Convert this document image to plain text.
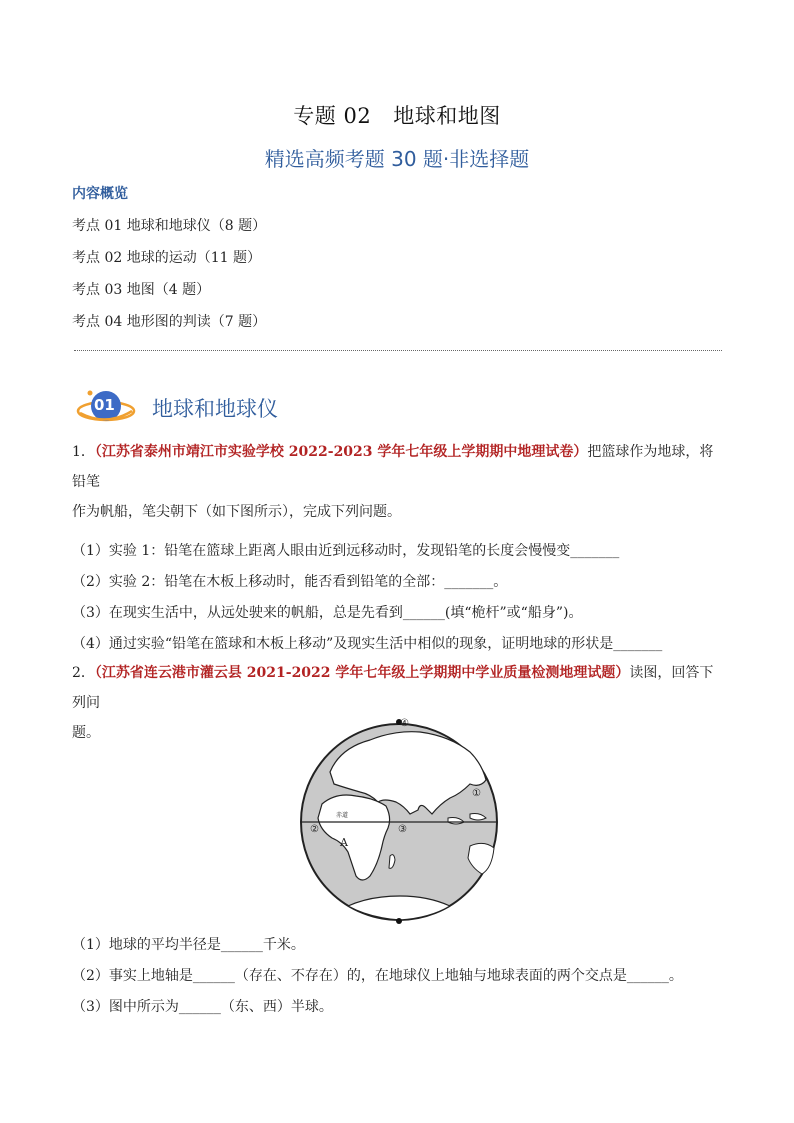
专题 02 地球和地图
精选高频考题 30 题·非选择题
内容概览
考点 01 地球和地球仪（8 题）
考点 02 地球的运动（11 题）
考点 03 地图（4 题）
考点 04 地形图的判读（7 题）
01 地球和地球仪
1．（江苏省泰州市靖江市实验学校 2022-2023 学年七年级上学期期中地理试卷）把篮球作为地球，将铅笔
作为帆船，笔尖朝下（如下图所示），完成下列问题。
（1）实验 1：铅笔在篮球上距离人眼由近到远移动时，发现铅笔的长度会慢慢变_______
（2）实验 2：铅笔在木板上移动时，能否看到铅笔的全部：_______。
（3）在现实生活中，从远处驶来的帆船，总是先看到______(填“桅杆”或“船身”)。
（4）通过实验“铅笔在篮球和木板上移动”及现实生活中相似的现象，证明地球的形状是_______
2．（江苏省连云港市灌云县 2021-2022 学年七年级上学期期中学业质量检测地理试题）读图，回答下列问
题。
④
①
②	③
A
赤道
（1）地球的平均半径是______千米。
（2）事实上地轴是______（存在、不存在）的，在地球仪上地轴与地球表面的两个交点是______。
（3）图中所示为______（东、西）半球。
